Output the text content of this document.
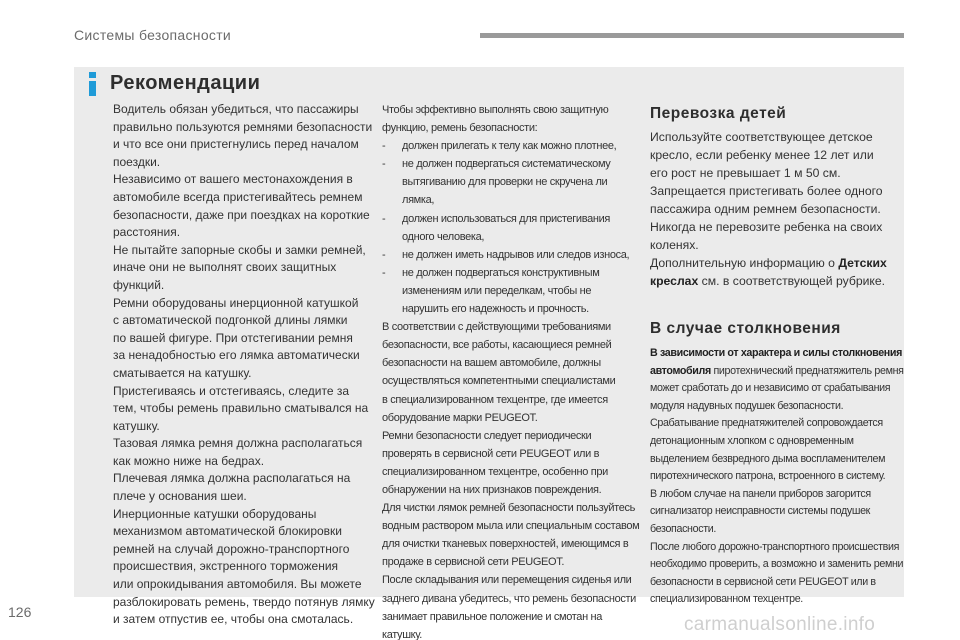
Системы безопасности
Рекомендации

Водитель обязан убедиться, что пассажиры

правильно пользуются ремнями безопасности

и что все они пристегнулись перед началом

поездки.

Независимо от вашего местонахождения в

автомобиле всегда пристегивайтесь ремнем

безопасности, даже при поездках на короткие

расстояния.

Не пытайте запорные скобы и замки ремней,

иначе они не выполнят своих защитных

функций.

Ремни оборудованы инерционной катушкой

с автоматической подгонкой длины лямки

по вашей фигуре. При отстегивании ремня

за ненадобностью его лямка автоматически

сматывается на катушку.

Пристегиваясь и отстегиваясь, следите за

тем, чтобы ремень правильно сматывался на

катушку.

Тазовая лямка ремня должна располагаться

как можно ниже на бедрах.

Плечевая лямка должна располагаться на

плече у основания шеи.

Инерционные катушки оборудованы

механизмом автоматической блокировки

ремней на случай дорожно-транспортного

происшествия, экстренного торможения

или опрокидывания автомобиля. Вы можете

разблокировать ремень, твердо потянув лямку

и затем отпустив ее, чтобы она смоталась.

Чтобы эффективно выполнять свою защитную

функцию, ремень безопасности:

- должен прилегать к телу как можно плотнее,

- не должен подвергаться систематическому

вытягиванию для проверки не скручена ли

лямка,

- должен использоваться для пристегивания

одного человека,

- не должен иметь надрывов или следов износа,

- не должен подвергаться конструктивным

изменениям или переделкам, чтобы не

нарушить его надежность и прочность.

В соответствии с действующими требованиями

безопасности, все работы, касающиеся ремней

безопасности на вашем автомобиле, должны

осуществляться компетентными специалистами

в специализированном техцентре, где имеется

оборудование марки PEUGEOT.

Ремни безопасности следует периодически

проверять в сервисной сети PEUGEOT или в

специализированном техцентре, особенно при

обнаружении на них признаков повреждения.

Для чистки лямок ремней безопасности пользуйтесь

водным раствором мыла или специальным составом

для очистки тканевых поверхностей, имеющимся в

продаже в сервисной сети PEUGEOT.

После складывания или перемещения сиденья или

заднего дивана убедитесь, что ремень безопасности

занимает правильное положение и смотан на

катушку.

Перевозка детей

Используйте соответствующее детское

кресло, если ребенку менее 12 лет или

его рост не превышает 1 м 50 см.

Запрещается пристегивать более одного

пассажира одним ремнем безопасности.

Никогда не перевозите ребенка на своих

коленях.

Дополнительную информацию о Детских

креслах см. в соответствующей рубрике.

В случае столкновения

В зависимости от характера и силы столкновения

автомобиля пиротехнический преднатяжитель ремня

может сработать до и независимо от срабатывания

модуля надувных подушек безопасности.

Срабатывание преднатяжителей сопровождается

детонационным хлопком с одновременным

выделением безвредного дыма воспламенителем

пиротехнического патрона, встроенного в систему.

В любом случае на панели приборов загорится

сигнализатор неисправности системы подушек

безопасности.

После любого дорожно-транспортного происшествия

необходимо проверить, а возможно и заменить ремни

безопасности в сервисной сети PEUGEOT или в

специализированном техцентре.

126
carmanualsonline.info
